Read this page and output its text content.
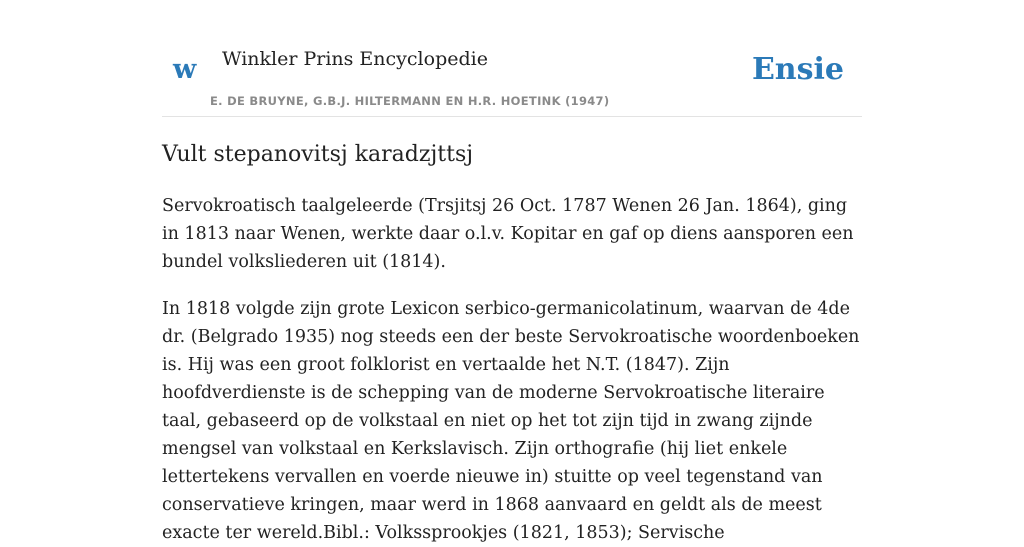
w Winkler Prins Encyclopedie
E. DE BRUYNE, G.B.J. HILTERMANN EN H.R. HOETINK (1947)
Ensie
Vult stepanovitsj karadzjttsj

Servokroatisch taalgeleerde (Trsjitsj 26 Oct. 1787 Wenen 26 Jan. 1864), ging in 1813 naar Wenen, werkte daar o.l.v. Kopitar en gaf op diens aansporen een bundel volksliederen uit (1814).

In 1818 volgde zijn grote Lexicon serbico-germanicolatinum, waarvan de 4de dr. (Belgrado 1935) nog steeds een der beste Servokroatische woordenboeken is. Hij was een groot folklorist en vertaalde het N.T. (1847). Zijn hoofdverdienste is de schepping van de moderne Servokroatische literaire taal, gebaseerd op de volkstaal en niet op het tot zijn tijd in zwang zijnde mengsel van volkstaal en Kerkslavisch. Zijn orthografie (hij liet enkele lettertekens vervallen en voerde nieuwe in) stuitte op veel tegenstand van conservatieve kringen, maar werd in 1868 aanvaard en geldt als de meest exacte ter wereld.Bibl.: Volkssprookjes (1821, 1853); Servische
